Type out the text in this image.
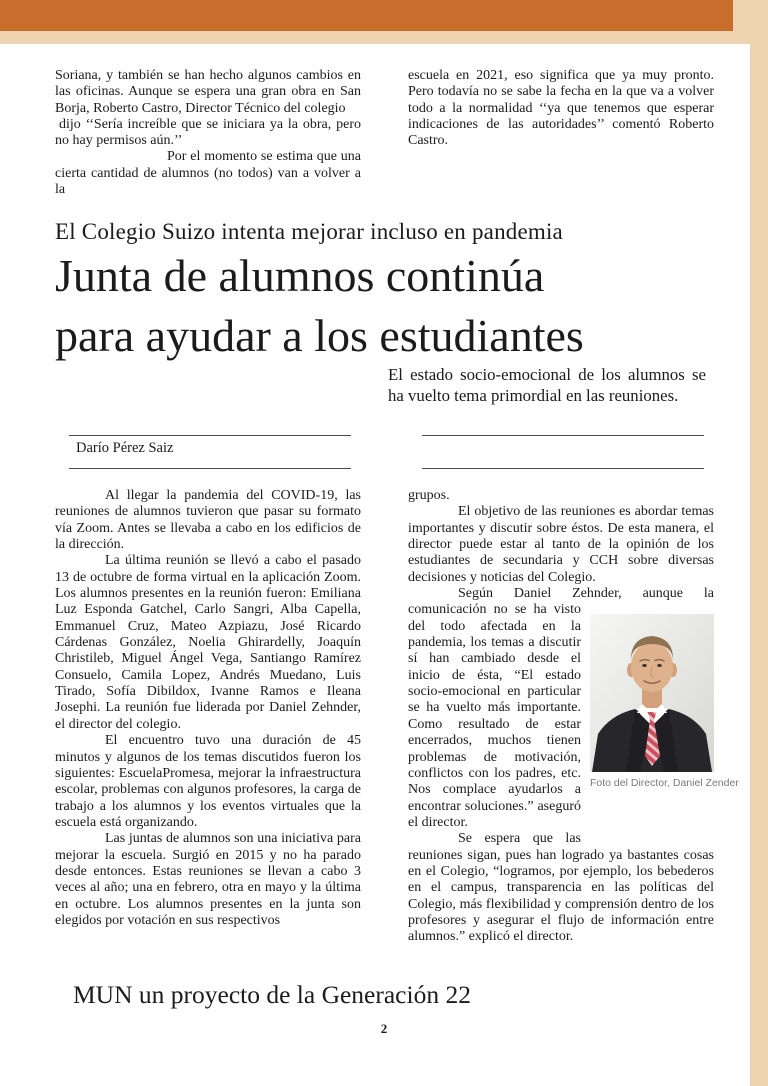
Soriana, y también se han hecho algunos cambios en las oficinas. Aunque se espera una gran obra en San Borja, Roberto Castro, Director Técnico del colegio

dijo ‘‘Sería increíble que se iniciara ya la obra, pero no hay permisos aún.’’

Por el momento se estima que una cierta cantidad de alumnos (no todos) van a volver a la

escuela en 2021, eso significa que ya muy pronto. Pero todavía no se sabe la fecha en la que va a volver todo a la normalidad ‘‘ya que tenemos que esperar indicaciones de las autoridades’’ comentó Roberto Castro.

El Colegio Suizo intenta mejorar incluso en pandemia
Junta de alumnos continúa
para ayudar a los estudiantes
El estado socio-emocional de los alumnos se ha vuelto tema primordial en las reuniones.
Darío Pérez Saiz

Al llegar la pandemia del COVID-19, las reuniones de alumnos tuvieron que pasar su formato vía Zoom. Antes se llevaba a cabo en los edificios de la dirección.

La última reunión se llevó a cabo el pasado 13 de octubre de forma virtual en la aplicación Zoom. Los alumnos presentes en la reunión fueron: Emiliana Luz Esponda Gatchel, Carlo Sangri, Alba Capella, Emmanuel Cruz, Mateo Azpiazu, José Ricardo Cárdenas González, Noelia Ghirardelly, Joaquín Christileb, Miguel Ángel Vega, Santiango Ramírez Consuelo, Camila Lopez, Andrés Muedano, Luis Tirado, Sofía Dibildox, Ivanne Ramos e Ileana Josephi. La reunión fue liderada por Daniel Zehnder, el director del colegio.

El encuentro tuvo una duración de 45 minutos y algunos de los temas discutidos fueron los siguientes: EscuelaPromesa, mejorar la infraestructura escolar, problemas con algunos profesores, la carga de trabajo a los alumnos y los eventos virtuales que la escuela está organizando.

Las juntas de alumnos son una iniciativa para mejorar la escuela. Surgió en 2015 y no ha parado desde entonces. Estas reuniones se llevan a cabo 3 veces al año; una en febrero, otra en mayo y la última en octubre. Los alumnos presentes en la junta son elegidos por votación en sus respectivos

grupos.

El objetivo de las reuniones es abordar temas importantes y discutir sobre éstos. De esta manera, el director puede estar al tanto de la opinión de los estudiantes de secundaria y CCH sobre diversas decisiones y noticias del Colegio.

Según Daniel Zehnder, aunque la
Foto del Director, Daniel Zender
comunicación no se ha visto del todo afectada en la pandemia, los temas a discutir sí han cambiado desde el inicio de ésta, “El estado socio-emocional en particular se ha vuelto más importante. Como resultado de estar encerrados, muchos tienen problemas de motivación, conflictos con los padres, etc. Nos complace ayudarlos a encontrar soluciones.” aseguró el director.

Se espera que las reuniones sigan, pues han logrado ya bastantes cosas en el Colegio, “logramos, por ejemplo, los bebederos en el campus, transparencia en las políticas del Colegio, más flexibilidad y comprensión dentro de los profesores y asegurar el flujo de información entre alumnos.” explicó el director.

MUN un proyecto de la Generación 22
2
